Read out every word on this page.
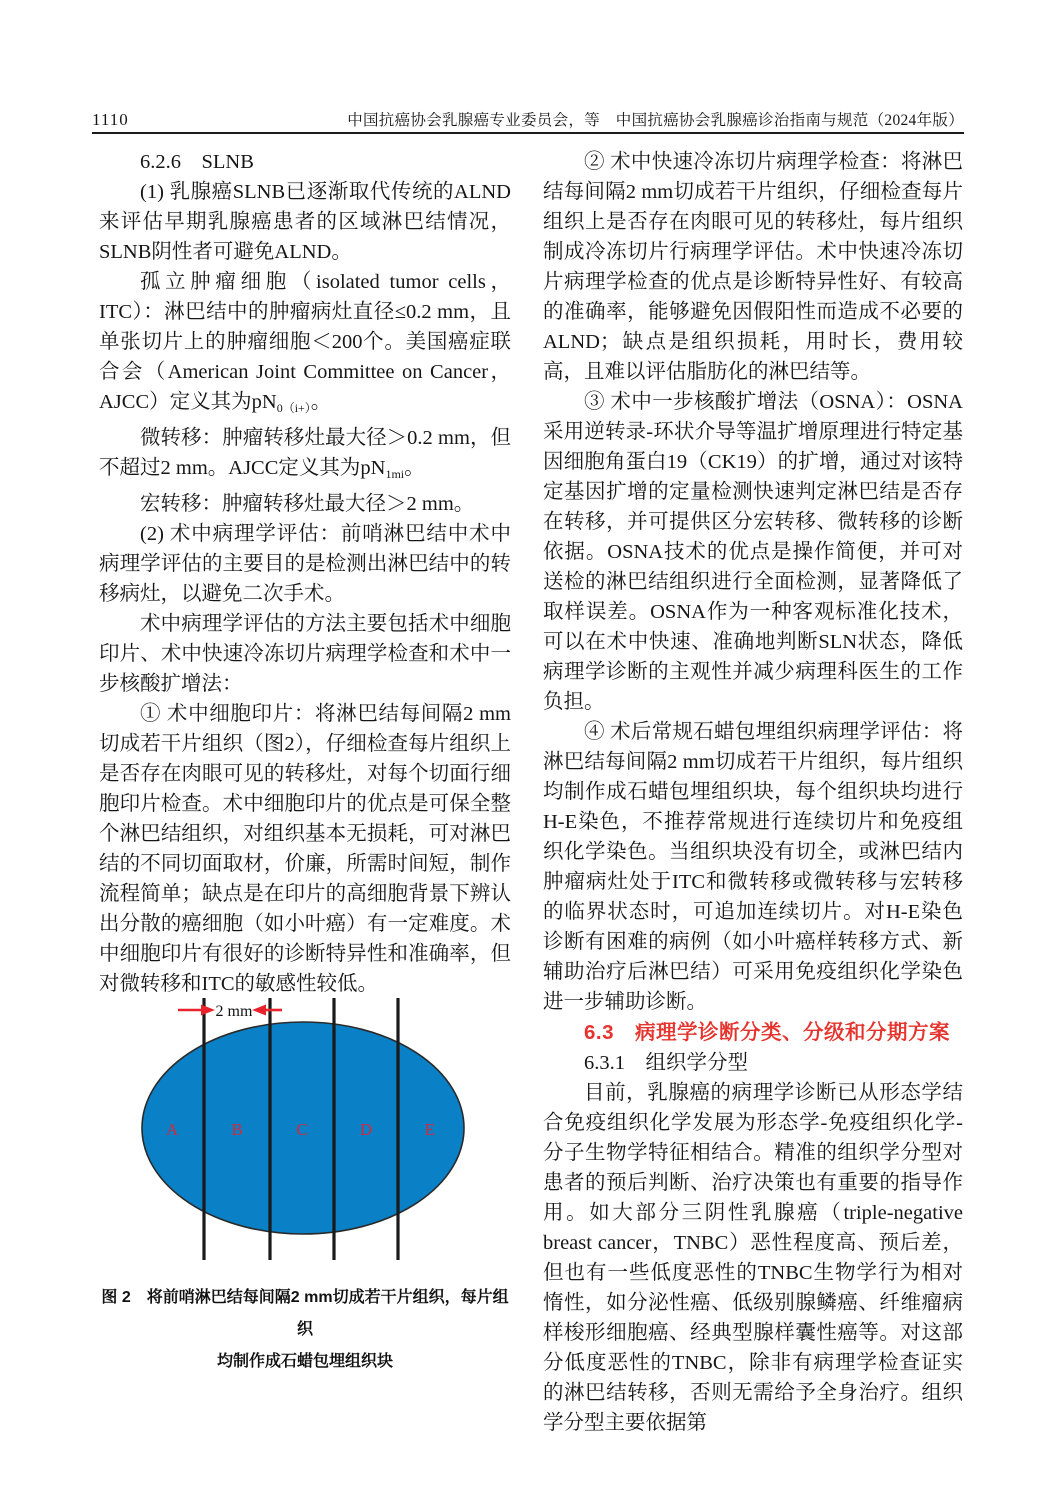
1110	中国抗癌协会乳腺癌专业委员会，等　中国抗癌协会乳腺癌诊治指南与规范（2024年版）

6.2.6　SLNB

(1) 乳腺癌SLNB已逐渐取代传统的ALND来评估早期乳腺癌患者的区域淋巴结情况，SLNB阴性者可避免ALND。

孤立肿瘤细胞（isolated tumor cells，ITC）：淋巴结中的肿瘤病灶直径≤0.2 mm，且单张切片上的肿瘤细胞＜200个。美国癌症联合会（American Joint Committee on Cancer，AJCC）定义其为$pN_{0(i+)}$。

微转移：肿瘤转移灶最大径＞0.2 mm，但不超过2 mm。AJCC定义其为$pN_{1mi}$。

宏转移：肿瘤转移灶最大径＞2 mm。

(2) 术中病理学评估：前哨淋巴结中术中病理学评估的主要目的是检测出淋巴结中的转移病灶，以避免二次手术。

术中病理学评估的方法主要包括术中细胞印片、术中快速冷冻切片病理学检查和术中一步核酸扩增法：

① 术中细胞印片：将淋巴结每间隔2 mm切成若干片组织（图2），仔细检查每片组织上是否存在肉眼可见的转移灶，对每个切面行细胞印片检查。术中细胞印片的优点是可保全整个淋巴结组织，对组织基本无损耗，可对淋巴结的不同切面取材，价廉，所需时间短，制作流程简单；缺点是在印片的高细胞背景下辨认出分散的癌细胞（如小叶癌）有一定难度。术中细胞印片有很好的诊断特异性和准确率，但对微转移和ITC的敏感性较低。

2 mm
A	B	C	D	E

图 2　将前哨淋巴结每间隔2 mm切成若干片组织，每片组织

均制作成石蜡包埋组织块

② 术中快速冷冻切片病理学检查：将淋巴结每间隔2 mm切成若干片组织，仔细检查每片组织上是否存在肉眼可见的转移灶，每片组织制成冷冻切片行病理学评估。术中快速冷冻切片病理学检查的优点是诊断特异性好、有较高的准确率，能够避免因假阳性而造成不必要的ALND；缺点是组织损耗，用时长，费用较高，且难以评估脂肪化的淋巴结等。

③ 术中一步核酸扩增法（OSNA）：OSNA采用逆转录-环状介导等温扩增原理进行特定基因细胞角蛋白19（CK19）的扩增，通过对该特定基因扩增的定量检测快速判定淋巴结是否存在转移，并可提供区分宏转移、微转移的诊断依据。OSNA技术的优点是操作简便，并可对送检的淋巴结组织进行全面检测，显著降低了取样误差。OSNA作为一种客观标准化技术，可以在术中快速、准确地判断SLN状态，降低病理学诊断的主观性并减少病理科医生的工作负担。

④ 术后常规石蜡包埋组织病理学评估：将淋巴结每间隔2 mm切成若干片组织，每片组织均制作成石蜡包埋组织块，每个组织块均进行H-E染色，不推荐常规进行连续切片和免疫组织化学染色。当组织块没有切全，或淋巴结内肿瘤病灶处于ITC和微转移或微转移与宏转移的临界状态时，可追加连续切片。对H-E染色诊断有困难的病例（如小叶癌样转移方式、新辅助治疗后淋巴结）可采用免疫组织化学染色进一步辅助诊断。

6.3　病理学诊断分类、分级和分期方案

6.3.1　组织学分型

目前，乳腺癌的病理学诊断已从形态学结合免疫组织化学发展为形态学-免疫组织化学-分子生物学特征相结合。精准的组织学分型对患者的预后判断、治疗决策也有重要的指导作用。如大部分三阴性乳腺癌（triple-negative breast cancer，TNBC）恶性程度高、预后差，但也有一些低度恶性的TNBC生物学行为相对惰性，如分泌性癌、低级别腺鳞癌、纤维瘤病样梭形细胞癌、经典型腺样囊性癌等。对这部分低度恶性的TNBC，除非有病理学检查证实的淋巴结转移，否则无需给予全身治疗。组织学分型主要依据第
